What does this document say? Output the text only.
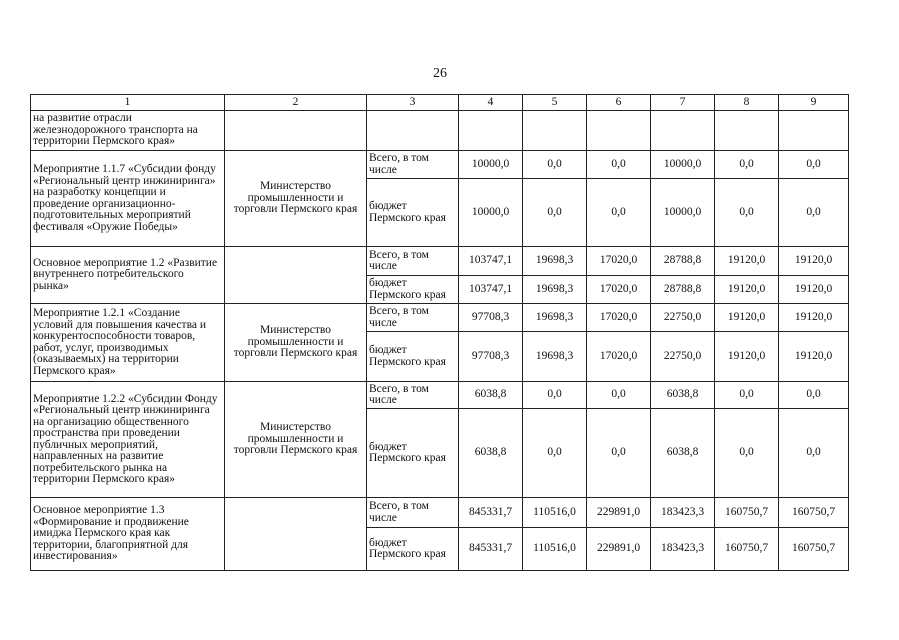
26
1	2	3	4	5	6	7	8	9
на развитие отрасли железнодорожного транспорта на территории Пермского края»								
Мероприятие 1.1.7 «Субсидии фонду «Региональный центр инжиниринга» на разработку концепции и проведение организационно-подготовительных мероприятий фестиваля «Оружие Победы»	Министерство промышленности и торговли Пермского края	Всего, в том числе	10000,0	0,0	0,0	10000,0	0,0	0,0
		бюджет Пермского края	10000,0	0,0	0,0	10000,0	0,0	0,0
Основное мероприятие 1.2 «Развитие внутреннего потребительского рынка»		Всего, в том числе	103747,1	19698,3	17020,0	28788,8	19120,0	19120,0
		бюджет Пермского края	103747,1	19698,3	17020,0	28788,8	19120,0	19120,0
Мероприятие 1.2.1 «Создание условий для повышения качества и конкурентоспособности товаров, работ, услуг, производимых (оказываемых) на территории Пермского края»	Министерство промышленности и торговли Пермского края	Всего, в том числе	97708,3	19698,3	17020,0	22750,0	19120,0	19120,0
		бюджет Пермского края	97708,3	19698,3	17020,0	22750,0	19120,0	19120,0
Мероприятие 1.2.2 «Субсидии Фонду «Региональный центр инжиниринга на организацию общественного пространства при проведении публичных мероприятий, направленных на развитие потребительского рынка на территории Пермского края»	Министерство промышленности и торговли Пермского края	Всего, в том числе	6038,8	0,0	0,0	6038,8	0,0	0,0
		бюджет Пермского края	6038,8	0,0	0,0	6038,8	0,0	0,0
Основное мероприятие 1.3 «Формирование и продвижение имиджа Пермского края как территории, благоприятной для инвестирования»		Всего, в том числе	845331,7	110516,0	229891,0	183423,3	160750,7	160750,7
		бюджет Пермского края	845331,7	110516,0	229891,0	183423,3	160750,7	160750,7
